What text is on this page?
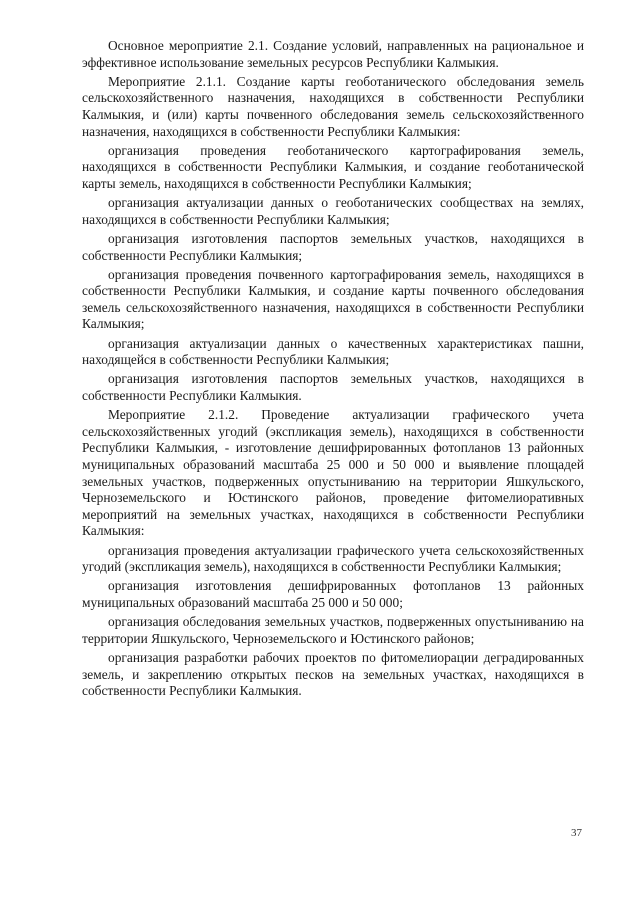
Основное мероприятие 2.1. Создание условий, направленных на рациональное и эффективное использование земельных ресурсов Республики Калмыкия.

Мероприятие 2.1.1. Создание карты геоботанического обследования земель сельскохозяйственного назначения, находящихся в собственности Республики Калмыкия, и (или) карты почвенного обследования земель сельскохозяйственного назначения, находящихся в собственности Республики Калмыкия:

организация проведения геоботанического картографирования земель, находящихся в собственности Республики Калмыкия, и создание геоботанической карты земель, находящихся в собственности Республики Калмыкия;

организация актуализации данных о геоботанических сообществах на землях, находящихся в собственности Республики Калмыкия;

организация изготовления паспортов земельных участков, находящихся в собственности Республики Калмыкия;

организация проведения почвенного картографирования земель, находящихся в собственности Республики Калмыкия, и создание карты почвенного обследования земель сельскохозяйственного назначения, находящихся в собственности Республики Калмыкия;

организация актуализации данных о качественных характеристиках пашни, находящейся в собственности Республики Калмыкия;

организация изготовления паспортов земельных участков, находящихся в собственности Республики Калмыкия.

Мероприятие 2.1.2. Проведение актуализации графического учета сельскохозяйственных угодий (экспликация земель), находящихся в собственности Республики Калмыкия, - изготовление дешифрированных фотопланов 13 районных муниципальных образований масштаба 25 000 и 50 000 и выявление площадей земельных участков, подверженных опустыниванию на территории Яшкульского, Черноземельского и Юстинского районов, проведение фитомелиоративных мероприятий на земельных участках, находящихся в собственности Республики Калмыкия:

организация проведения актуализации графического учета сельскохозяйственных угодий (экспликация земель), находящихся в собственности Республики Калмыкия;

организация изготовления дешифрированных фотопланов 13 районных муниципальных образований масштаба 25 000 и 50 000;

организация обследования земельных участков, подверженных опустыниванию на территории Яшкульского, Черноземельского и Юстинского районов;

организация разработки рабочих проектов по фитомелиорации деградированных земель, и закреплению открытых песков на земельных участках, находящихся в собственности Республики Калмыкия.

37
